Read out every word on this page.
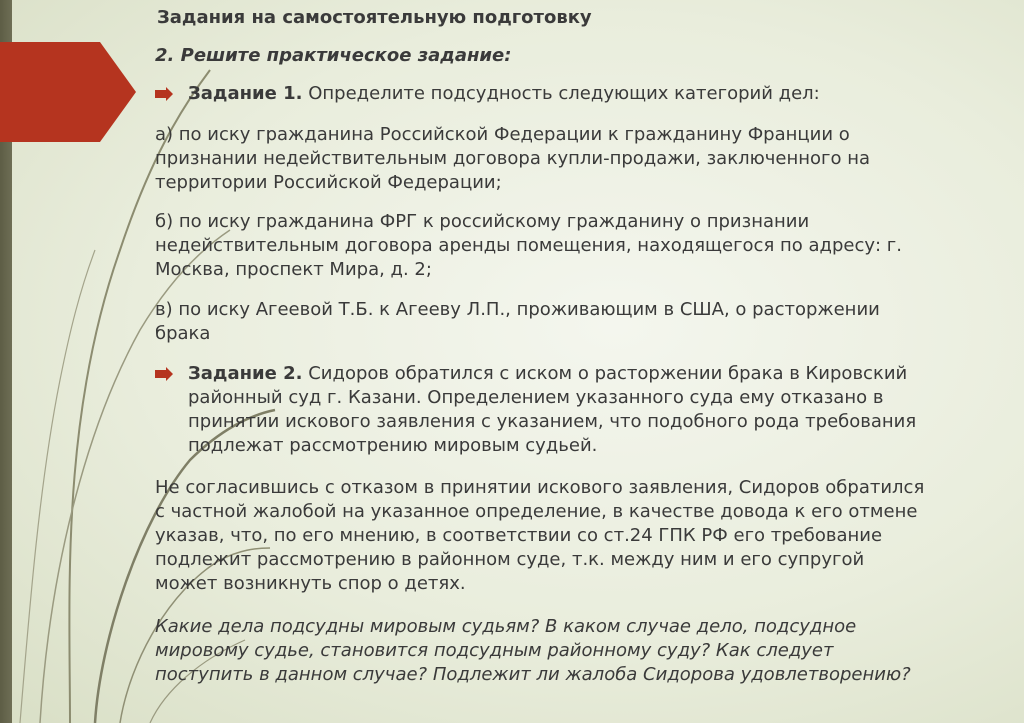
Задания на самостоятельную подготовку
2. Решите практическое задание:
Задание 1. Определите подсудность следующих категорий дел:
а) по иску гражданина Российской Федерации к гражданину Франции о
признании недействительным договора купли-продажи, заключенного на
территории Российской Федерации;
б) по иску гражданина ФРГ к российскому гражданину о признании
недействительным договора аренды помещения, находящегося по адресу: г.
Москва, проспект Мира, д. 2;
в) по иску Агеевой Т.Б. к Агееву Л.П., проживающим в США, о расторжении
брака
Задание 2. Сидоров обратился с иском о расторжении брака в Кировский
районный суд г. Казани. Определением указанного суда ему отказано в
принятии искового заявления с указанием, что подобного рода требования
подлежат рассмотрению мировым судьей.
Не согласившись с отказом в принятии искового заявления, Сидоров обратился
с частной жалобой на указанное определение, в качестве довода к его отмене
указав, что, по его мнению, в соответствии со ст.24 ГПК РФ его требование
подлежит рассмотрению в районном суде, т.к. между ним и его супругой
может возникнуть спор о детях.
Какие дела подсудны мировым судьям? В каком случае дело, подсудное
мировому судье, становится подсудным районному суду? Как следует
поступить в данном случае? Подлежит ли жалоба Сидорова удовлетворению?
